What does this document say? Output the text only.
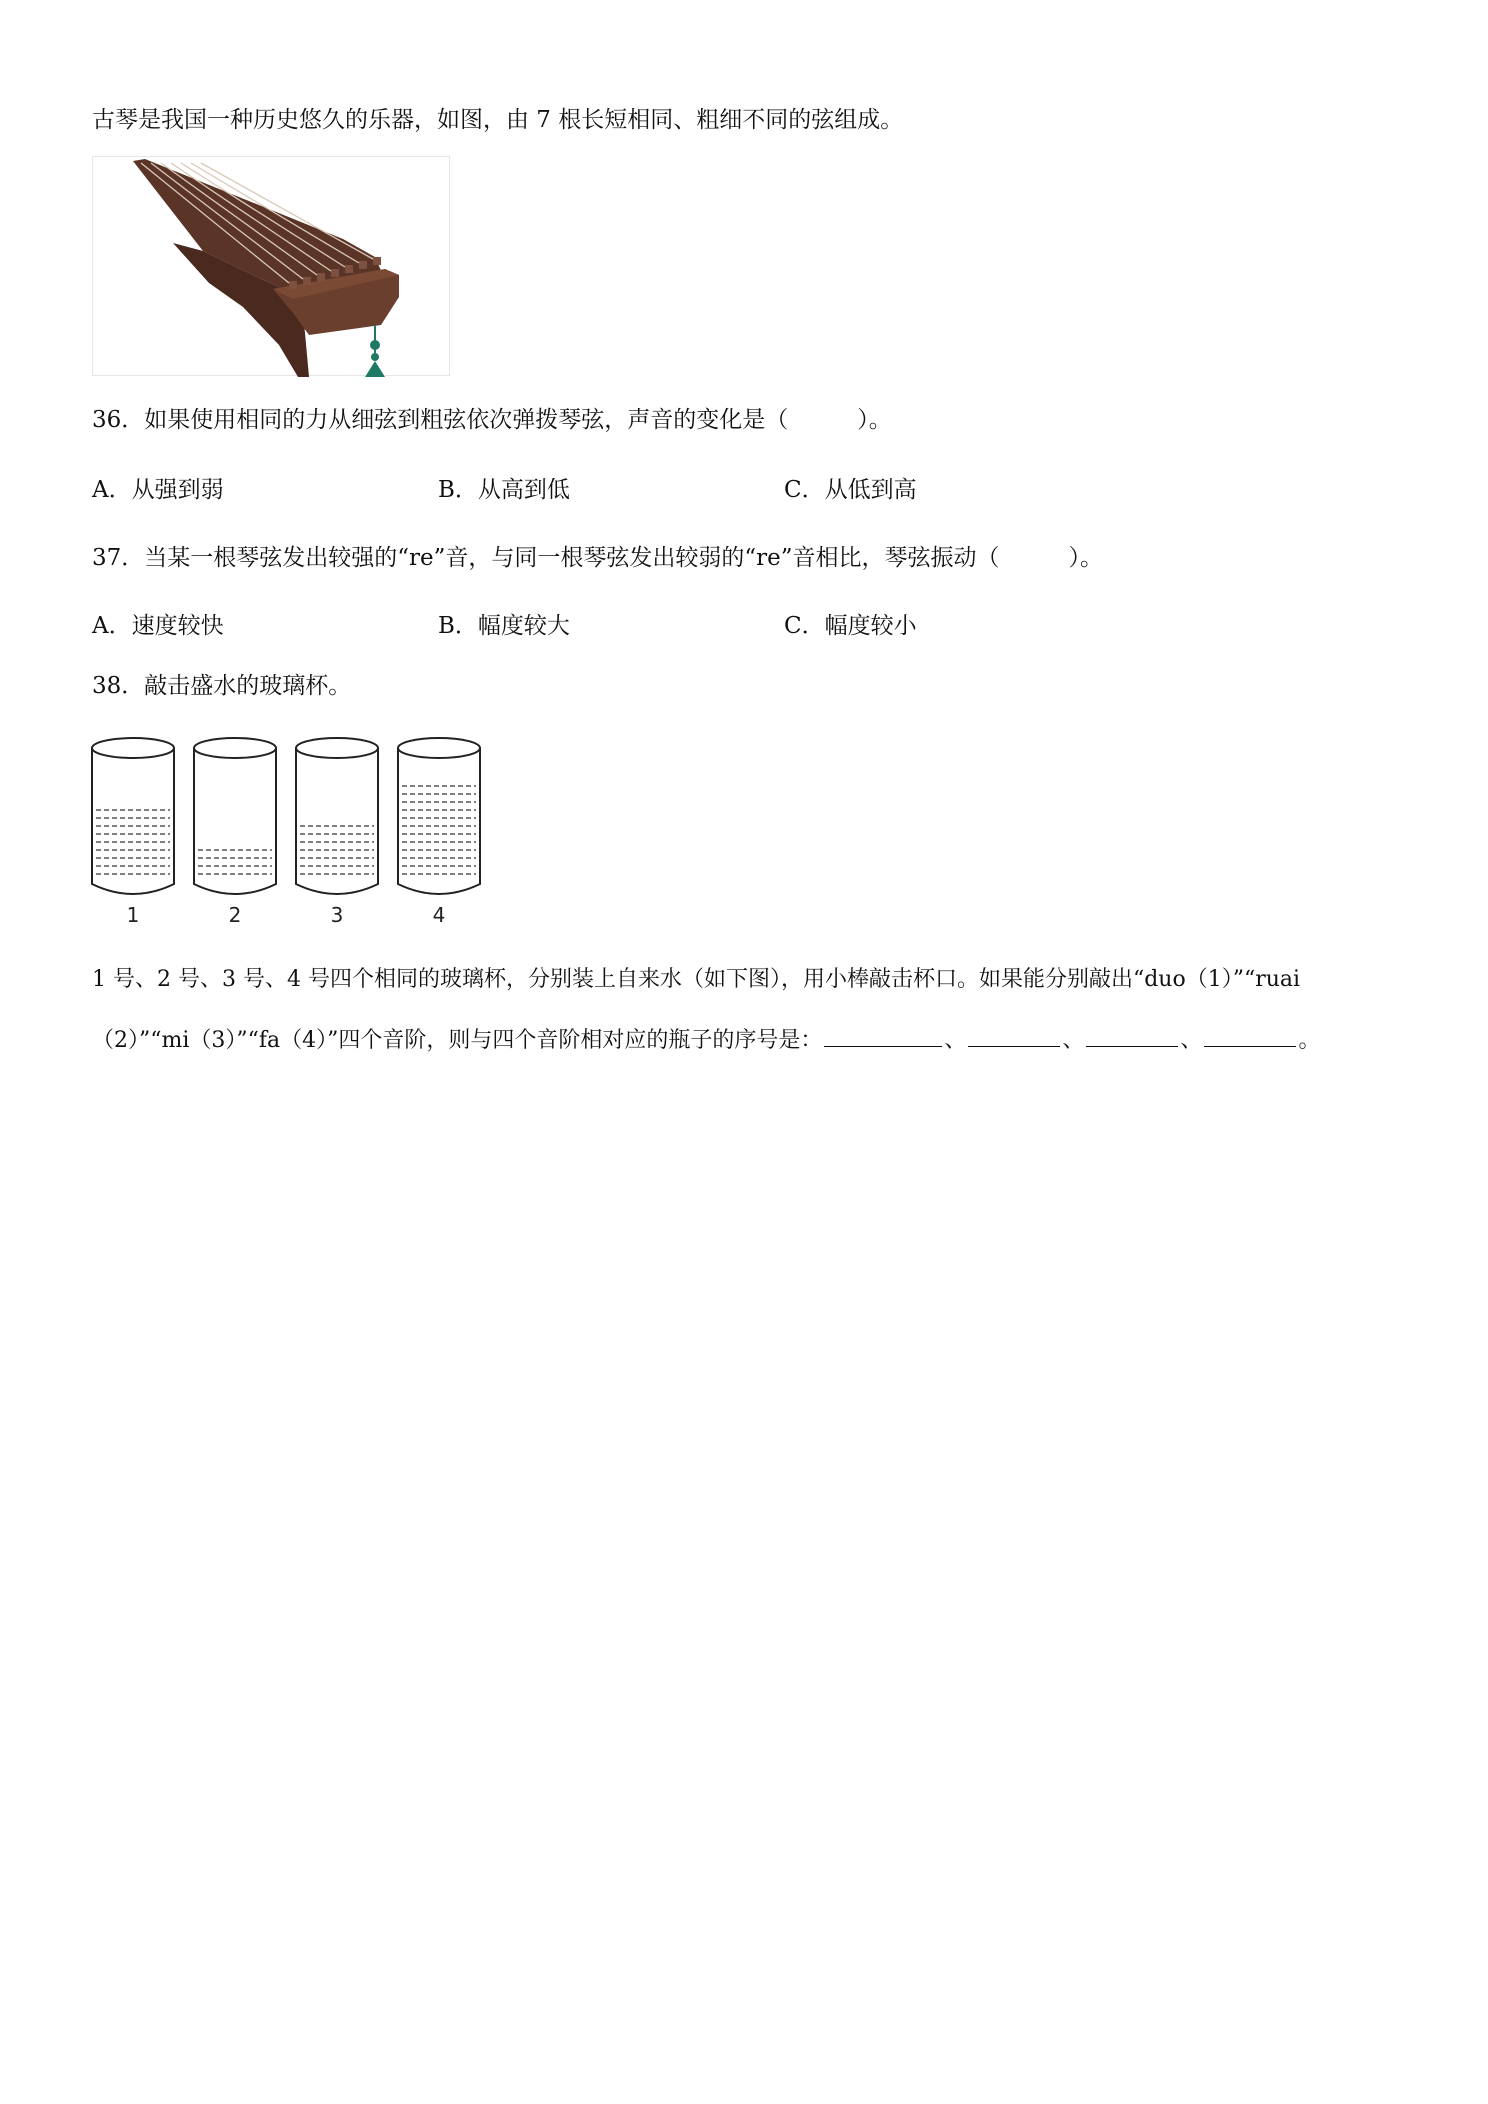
古琴是我国一种历史悠久的乐器，如图，由 7 根长短相同、粗细不同的弦组成。
36．如果使用相同的力从细弦到粗弦依次弹拨琴弦，声音的变化是（　　　）。
A．从强到弱	B．从高到低	C．从低到高
37．当某一根琴弦发出较强的“re”音，与同一根琴弦发出较弱的“re”音相比，琴弦振动（　　　）。
A．速度较快	B．幅度较大	C．幅度较小
38．敲击盛水的玻璃杯。
1	2	3	4
1 号、2 号、3 号、4 号四个相同的玻璃杯，分别装上自来水（如下图），用小棒敲击杯口。如果能分别敲出“duo（1）”“ruai
（2）”“mi（3）”“fa（4）”四个音阶，则与四个音阶相对应的瓶子的序号是：	、	、	、	。
